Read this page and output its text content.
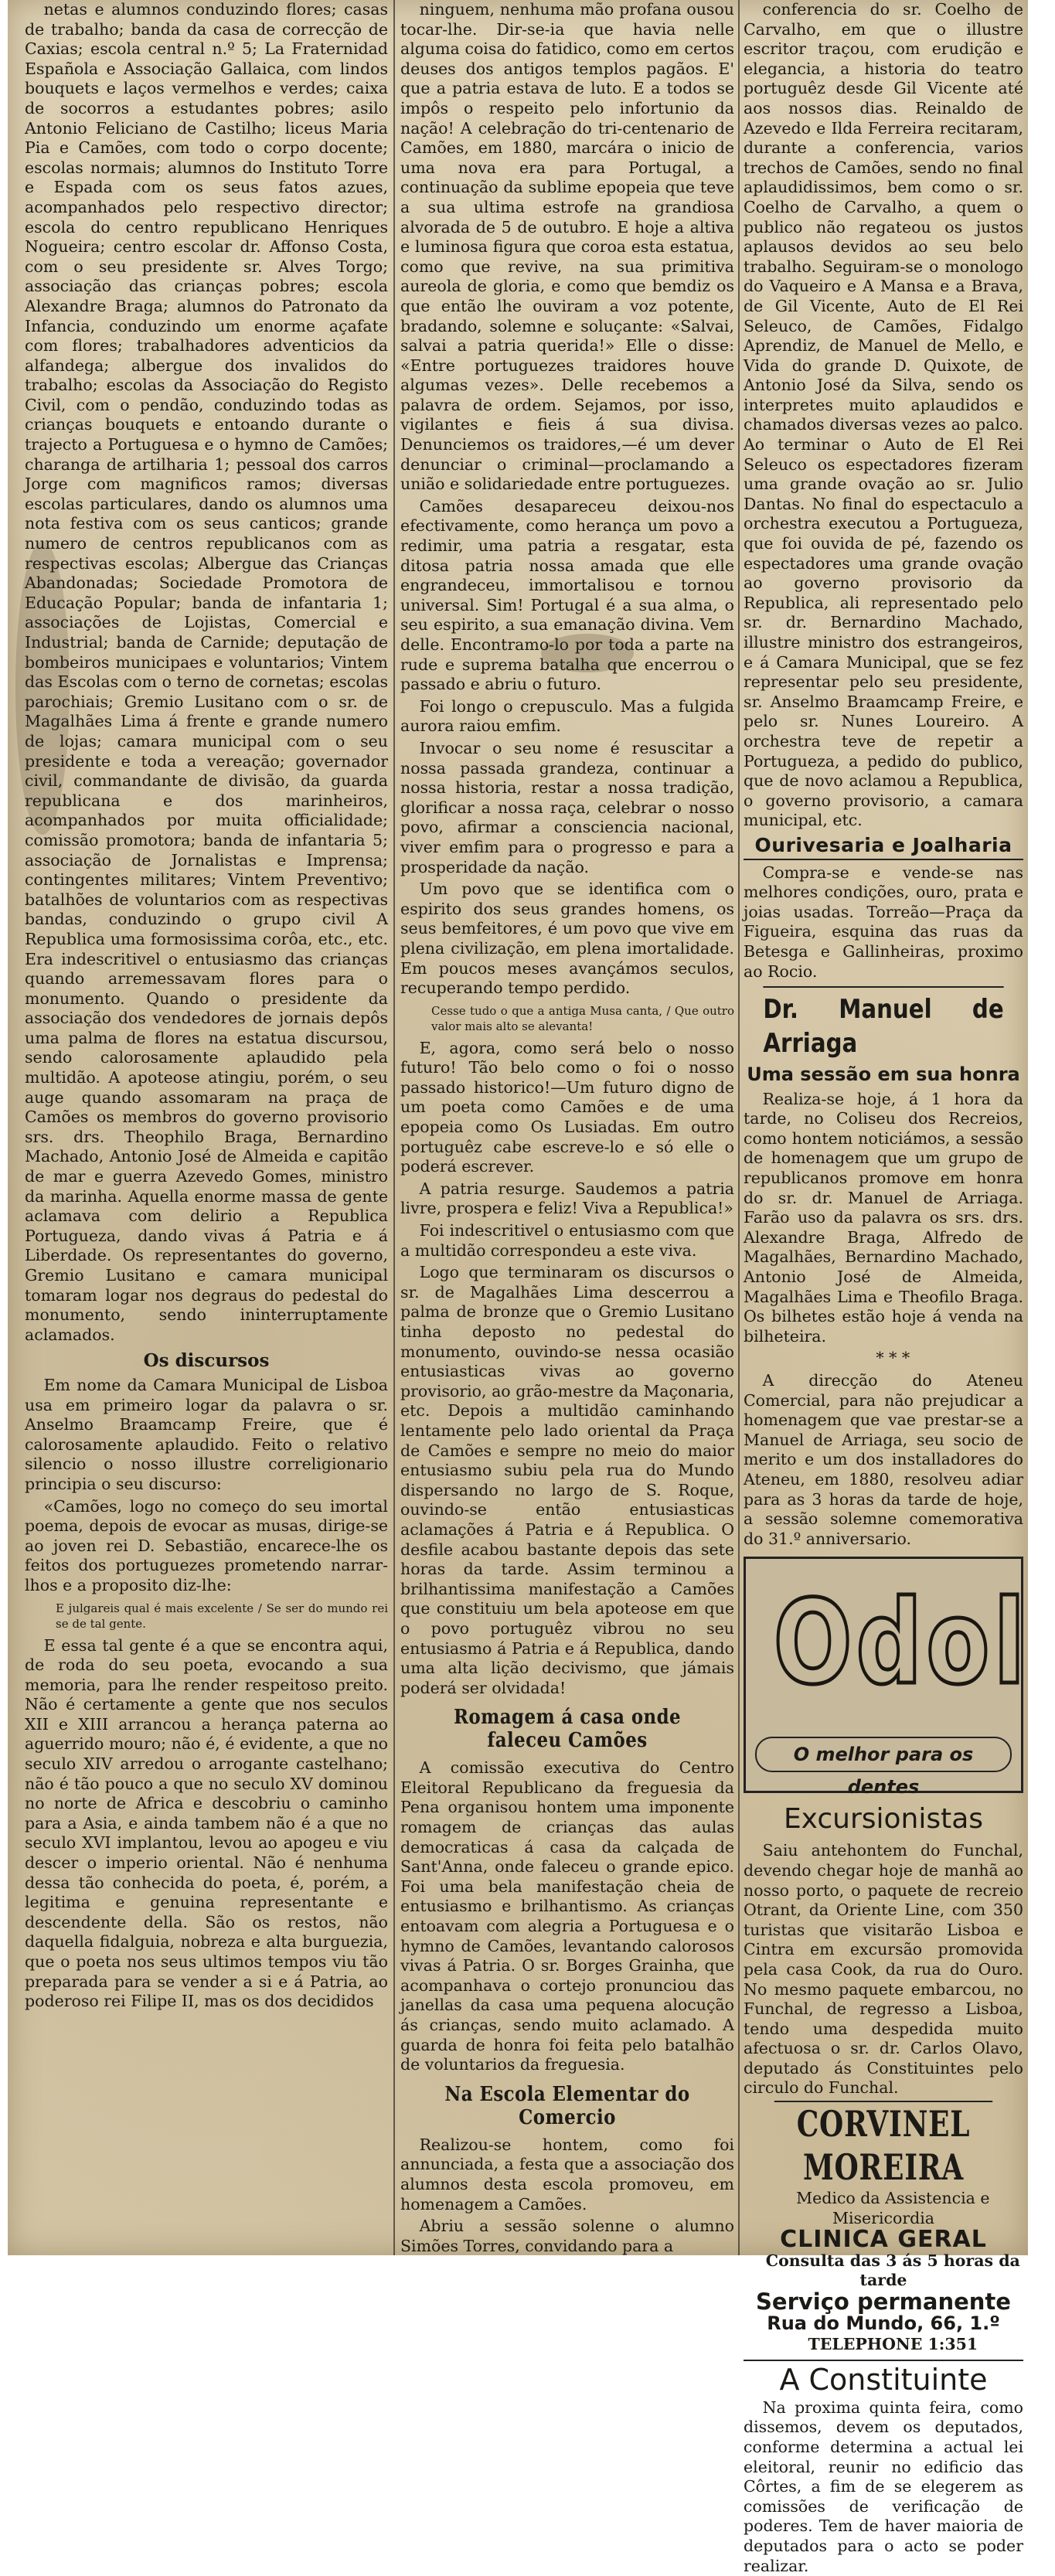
netas e alumnos conduzindo flores; casas de trabalho; banda da casa de correcção de Caxias; escola central n.º 5; La Fraternidad Española e Associação Gallaica, com lindos bouquets e laços vermelhos e verdes; caixa de socorros a estudantes pobres; asilo Antonio Feliciano de Castilho; liceus Maria Pia e Camões, com todo o corpo docente; escolas normais; alumnos do Instituto Torre e Espada com os seus fatos azues, acompanhados pelo respectivo director; escola do centro republicano Henriques Nogueira; centro escolar dr. Affonso Costa, com o seu presidente sr. Alves Torgo; associação das crianças pobres; escola Alexandre Braga; alumnos do Patronato da Infancia, conduzindo um enorme açafate com flores; trabalhadores adventicios da alfandega; albergue dos invalidos do trabalho; escolas da Associação do Registo Civil, com o pendão, conduzindo todas as crianças bouquets e entoando durante o trajecto a Portuguesa e o hymno de Camões; charanga de artilharia 1; pessoal dos carros Jorge com magnificos ramos; diversas escolas particulares, dando os alumnos uma nota festiva com os seus canticos; grande numero de centros republicanos com as respectivas escolas; Albergue das Crianças Abandonadas; Sociedade Promotora de Educação Popular; banda de infantaria 1; associações de Lojistas, Comercial e Industrial; banda de Carnide; deputação de bombeiros municipaes e voluntarios; Vintem das Escolas com o terno de cornetas; escolas parochiais; Gremio Lusitano com o sr. de Magalhães Lima á frente e grande numero de lojas; camara municipal com o seu presidente e toda a vereação; governador civil, commandante de divisão, da guarda republicana e dos marinheiros, acompanhados por muita officialidade; comissão promotora; banda de infantaria 5; associação de Jornalistas e Imprensa; contingentes militares; Vintem Preventivo; batalhões de voluntarios com as respectivas bandas, conduzindo o grupo civil A Republica uma formosissima corôa, etc., etc. Era indescritivel o entusiasmo das crianças quando arremessavam flores para o monumento. Quando o presidente da associação dos vendedores de jornais depôs uma palma de flores na estatua discursou, sendo calorosamente aplaudido pela multidão. A apoteose atingiu, porém, o seu auge quando assomaram na praça de Camões os membros do governo provisorio srs. drs. Theophilo Braga, Bernardino Machado, Antonio José de Almeida e capitão de mar e guerra Azevedo Gomes, ministro da marinha. Aquella enorme massa de gente aclamava com delirio a Republica Portugueza, dando vivas á Patria e á Liberdade. Os representantes do governo, Gremio Lusitano e camara municipal tomaram logar nos degraus do pedestal do monumento, sendo ininterruptamente aclamados.

Os discursos

Em nome da Camara Municipal de Lisboa usa em primeiro logar da palavra o sr. Anselmo Braamcamp Freire, que é calorosamente aplaudido. Feito o relativo silencio o nosso illustre correligionario principia o seu discurso:

«Camões, logo no começo do seu imortal poema, depois de evocar as musas, dirige-se ao joven rei D. Sebastião, encarece-lhe os feitos dos portuguezes prometendo narrar-lhos e a proposito diz-lhe:

E julgareis qual é mais excelente / Se ser do mundo rei se de tal gente.

E essa tal gente é a que se encontra aqui, de roda do seu poeta, evocando a sua memoria, para lhe render respeitoso preito. Não é certamente a gente que nos seculos XII e XIII arrancou a herança paterna ao aguerrido mouro; não é, é evidente, a que no seculo XIV arredou o arrogante castelhano; não é tão pouco a que no seculo XV dominou no norte de Africa e descobriu o caminho para a Asia, e ainda tambem não é a que no seculo XVI implantou, levou ao apogeu e viu descer o imperio oriental. Não é nenhuma dessa tão conhecida do poeta, é, porém, a legitima e genuina representante e descendente della. São os restos, não daquella fidalguia, nobreza e alta burguezia, que o poeta nos seus ultimos tempos viu tão preparada para se vender a si e á Patria, ao poderoso rei Filipe II, mas os dos decididos

ninguem, nenhuma mão profana ousou tocar-lhe. Dir-se-ia que havia nelle alguma coisa do fatidico, como em certos deuses dos antigos templos pagãos. E' que a patria estava de luto. E a todos se impôs o respeito pelo infortunio da nação! A celebração do tri-centenario de Camões, em 1880, marcára o inicio de uma nova era para Portugal, a continuação da sublime epopeia que teve a sua ultima estrofe na grandiosa alvorada de 5 de outubro. E hoje a altiva e luminosa figura que coroa esta estatua, como que revive, na sua primitiva aureola de gloria, e como que bemdiz os que então lhe ouviram a voz potente, bradando, solemne e soluçante: «Salvai, salvai a patria querida!» Elle o disse: «Entre portuguezes traidores houve algumas vezes». Delle recebemos a palavra de ordem. Sejamos, por isso, vigilantes e fieis á sua divisa. Denunciemos os traidores,—é um dever denunciar o criminal—proclamando a união e solidariedade entre portuguezes.

Camões desapareceu deixou-nos efectivamente, como herança um povo a redimir, uma patria a resgatar, esta ditosa patria nossa amada que elle engrandeceu, immortalisou e tornou universal. Sim! Portugal é a sua alma, o seu espirito, a sua emanação divina. Vem delle. Encontramo-lo por toda a parte na rude e suprema batalha que encerrou o passado e abriu o futuro.

Foi longo o crepusculo. Mas a fulgida aurora raiou emfim.

Invocar o seu nome é resuscitar a nossa passada grandeza, continuar a nossa historia, restar a nossa tradição, glorificar a nossa raça, celebrar o nosso povo, afirmar a consciencia nacional, viver emfim para o progresso e para a prosperidade da nação.

Um povo que se identifica com o espirito dos seus grandes homens, os seus bemfeitores, é um povo que vive em plena civilização, em plena imortalidade. Em poucos meses avançámos seculos, recuperando tempo perdido.

Cesse tudo o que a antiga Musa canta, / Que outro valor mais alto se alevanta!

E, agora, como será belo o nosso futuro! Tão belo como o foi o nosso passado historico!—Um futuro digno de um poeta como Camões e de uma epopeia como Os Lusiadas. Em outro portuguêz cabe escreve-lo e só elle o poderá escrever.

A patria resurge. Saudemos a patria livre, prospera e feliz! Viva a Republica!»

Foi indescritivel o entusiasmo com que a multidão correspondeu a este viva.

Logo que terminaram os discursos o sr. de Magalhães Lima descerrou a palma de bronze que o Gremio Lusitano tinha deposto no pedestal do monumento, ouvindo-se nessa ocasião entusiasticas vivas ao governo provisorio, ao grão-mestre da Maçonaria, etc. Depois a multidão caminhando lentamente pelo lado oriental da Praça de Camões e sempre no meio do maior entusiasmo subiu pela rua do Mundo dispersando no largo de S. Roque, ouvindo-se então entusiasticas aclamações á Patria e á Republica. O desfile acabou bastante depois das sete horas da tarde. Assim terminou a brilhantissima manifestação a Camões que constituiu um bela apoteose em que o povo portuguêz vibrou no seu entusiasmo á Patria e á Republica, dando uma alta lição decivismo, que jámais poderá ser olvidada!

Romagem á casa onde faleceu Camões

A comissão executiva do Centro Eleitoral Republicano da freguesia da Pena organisou hontem uma imponente romagem de crianças das aulas democraticas á casa da calçada de Sant'Anna, onde faleceu o grande epico. Foi uma bela manifestação cheia de entusiasmo e brilhantismo. As crianças entoavam com alegria a Portuguesa e o hymno de Camões, levantando calorosos vivas á Patria. O sr. Borges Grainha, que acompanhava o cortejo pronunciou das janellas da casa uma pequena alocução ás crianças, sendo muito aclamado. A guarda de honra foi feita pelo batalhão de voluntarios da freguesia.

Na Escola Elementar do Comercio

Realizou-se hontem, como foi annunciada, a festa que a associação dos alumnos desta escola promoveu, em homenagem a Camões.

Abriu a sessão solenne o alumno Simões Torres, convidando para a

conferencia do sr. Coelho de Carvalho, em que o illustre escritor traçou, com erudição e elegancia, a historia do teatro portuguêz desde Gil Vicente até aos nossos dias. Reinaldo de Azevedo e Ilda Ferreira recitaram, durante a conferencia, varios trechos de Camões, sendo no final aplaudidissimos, bem como o sr. Coelho de Carvalho, a quem o publico não regateou os justos aplausos devidos ao seu belo trabalho. Seguiram-se o monologo do Vaqueiro e A Mansa e a Brava, de Gil Vicente, Auto de El Rei Seleuco, de Camões, Fidalgo Aprendiz, de Manuel de Mello, e Vida do grande D. Quixote, de Antonio José da Silva, sendo os interpretes muito aplaudidos e chamados diversas vezes ao palco. Ao terminar o Auto de El Rei Seleuco os espectadores fizeram uma grande ovação ao sr. Julio Dantas. No final do espectaculo a orchestra executou a Portugueza, que foi ouvida de pé, fazendo os espectadores uma grande ovação ao governo provisorio da Republica, ali representado pelo sr. dr. Bernardino Machado, illustre ministro dos estrangeiros, e á Camara Municipal, que se fez representar pelo seu presidente, sr. Anselmo Braamcamp Freire, e pelo sr. Nunes Loureiro. A orchestra teve de repetir a Portugueza, a pedido do publico, que de novo aclamou a Republica, o governo provisorio, a camara municipal, etc.

Ourivesaria e Joalharia

Compra-se e vende-se nas melhores condições, ouro, prata e joias usadas. Torreão—Praça da Figueira, esquina das ruas da Betesga e Gallinheiras, proximo ao Rocio.

Dr. Manuel de Arriaga
Uma sessão em sua honra

Realiza-se hoje, á 1 hora da tarde, no Coliseu dos Recreios, como hontem noticiámos, a sessão de homenagem que um grupo de republicanos promove em honra do sr. dr. Manuel de Arriaga. Farão uso da palavra os srs. drs. Alexandre Braga, Alfredo de Magalhães, Bernardino Machado, Antonio José de Almeida, Magalhães Lima e Theofilo Braga. Os bilhetes estão hoje á venda na bilheteira.

* * *

A direcção do Ateneu Comercial, para não prejudicar a homenagem que vae prestar-se a Manuel de Arriaga, seu socio de merito e um dos installadores do Ateneu, em 1880, resolveu adiar para as 3 horas da tarde de hoje, a sessão solemne comemorativa do 31.º anniversario.

Odol
O melhor para os dentes
Excursionistas

Saiu antehontem do Funchal, devendo chegar hoje de manhã ao nosso porto, o paquete de recreio Otrant, da Oriente Line, com 350 turistas que visitarão Lisboa e Cintra em excursão promovida pela casa Cook, da rua do Ouro. No mesmo paquete embarcou, no Funchal, de regresso a Lisboa, tendo uma despedida muito afectuosa o sr. dr. Carlos Olavo, deputado ás Constituintes pelo circulo do Funchal.

CORVINEL MOREIRA

Medico da Assistencia e Misericordia

CLINICA GERAL

Consulta das 3 ás 5 horas da tarde

Serviço permanente
Rua do Mundo, 66, 1.º

TELEPHONE 1:351

A Constituinte

Na proxima quinta feira, como dissemos, devem os deputados, conforme determina a actual lei eleitoral, reunir no edificio das Côrtes, a fim de se elegerem as comissões de verificação de poderes. Tem de haver maioria de deputados para o acto se poder realizar.
